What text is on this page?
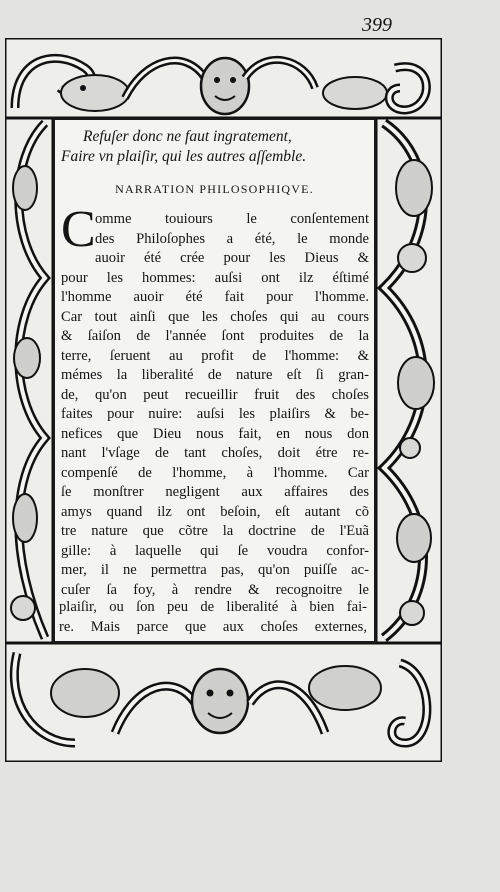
399
Refuſer donc ne faut ingratement,
Faire vn plaiſir, qui les autres aſſemble.
NARRATION PHILOSOPHIQVE.
C omme touiours le conſentement
des Philoſophes a été, le monde
auoir été crée pour les Dieus &
pour les hommes: auſsi ont ilz éſtimé
l'homme auoir été fait pour l'homme.
Car tout ainſi que les choſes qui au cours
& ſaiſon de l'année ſont produites de la
terre, ſeruent au profit de l'homme: &
mémes la liberalité de nature eſt ſi gran-
de, qu'on peut recueillir fruit des choſes
faites pour nuire: auſsi les plaiſirs & be-
nefices que Dieu nous fait, en nous don
nant l'vſage de tant choſes, doit étre re-
compenſé de l'homme, à l'homme. Car
ſe monſtrer negligent aux affaires des
amys quand ilz ont beſoin, eſt autant cõ
tre nature que cõtre la doctrine de l'Euã
gille: à laquelle qui ſe voudra confor-
mer, il ne permettra pas, qu'on puiſſe ac-
cuſer ſa foy, à rendre & recognoitre le
plaiſir, ou ſon peu de liberalité à bien fai-
re. Mais parce que aux choſes externes,
